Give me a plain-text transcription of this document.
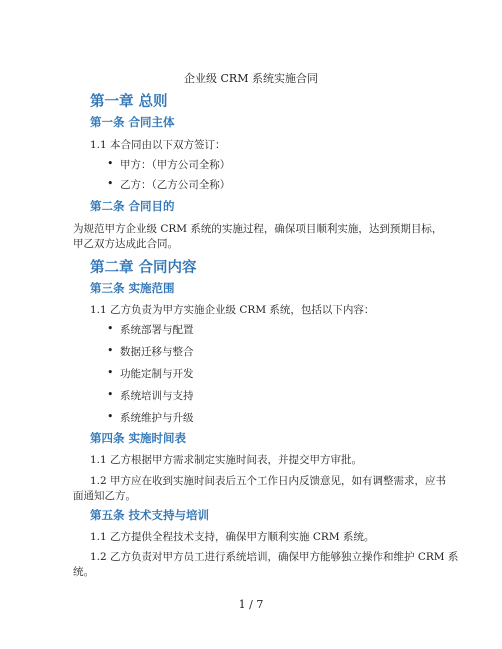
企业级 CRM 系统实施合同
第一章 总则
第一条 合同主体
1.1 本合同由以下双方签订：
• 甲方：（甲方公司全称）
• 乙方：（乙方公司全称）
第二条 合同目的
为规范甲方企业级 CRM 系统的实施过程，确保项目顺利实施，达到预期目标，
甲乙双方达成此合同。
第二章 合同内容
第三条 实施范围
1.1 乙方负责为甲方实施企业级 CRM 系统，包括以下内容：
• 系统部署与配置
• 数据迁移与整合
• 功能定制与开发
• 系统培训与支持
• 系统维护与升级
第四条 实施时间表
1.1 乙方根据甲方需求制定实施时间表，并提交甲方审批。
1.2 甲方应在收到实施时间表后五个工作日内反馈意见，如有调整需求，应书
面通知乙方。
第五条 技术支持与培训
1.1 乙方提供全程技术支持，确保甲方顺利实施 CRM 系统。
1.2 乙方负责对甲方员工进行系统培训，确保甲方能够独立操作和维护 CRM 系
统。
1 / 7
